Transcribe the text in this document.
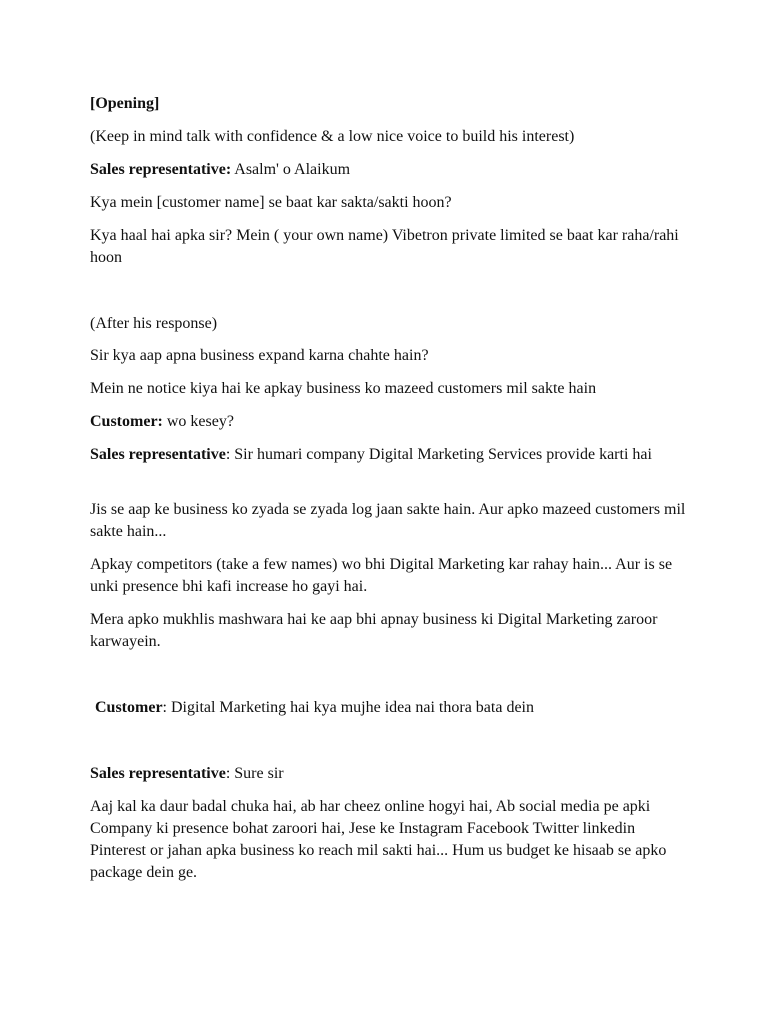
[Opening]
(Keep in mind talk with confidence & a low nice voice to build his interest)
Sales representative: Asalm' o Alaikum
Kya mein [customer name] se baat kar sakta/sakti hoon?
Kya haal hai apka sir? Mein ( your own name) Vibetron private limited se baat kar raha/rahi hoon
(After his response)
Sir kya aap apna business expand karna chahte hain?
Mein ne notice kiya hai ke apkay business ko mazeed customers mil sakte hain
Customer: wo kesey?
Sales representative: Sir humari company Digital Marketing Services provide karti hai
Jis se aap ke business ko zyada se zyada log jaan sakte hain. Aur apko mazeed customers mil sakte hain...
Apkay competitors (take a few names) wo bhi Digital Marketing kar rahay hain... Aur is se unki presence bhi kafi increase ho gayi hai.
Mera apko mukhlis mashwara hai ke aap bhi apnay business ki Digital Marketing zaroor karwayein.
Customer: Digital Marketing hai kya mujhe idea nai thora bata dein
Sales representative: Sure sir
Aaj kal ka daur badal chuka hai, ab har cheez online hogyi hai, Ab social media pe apki Company ki presence bohat zaroori hai, Jese ke Instagram Facebook Twitter linkedin Pinterest or jahan apka business ko reach mil sakti hai... Hum us budget ke hisaab se apko package dein ge.
